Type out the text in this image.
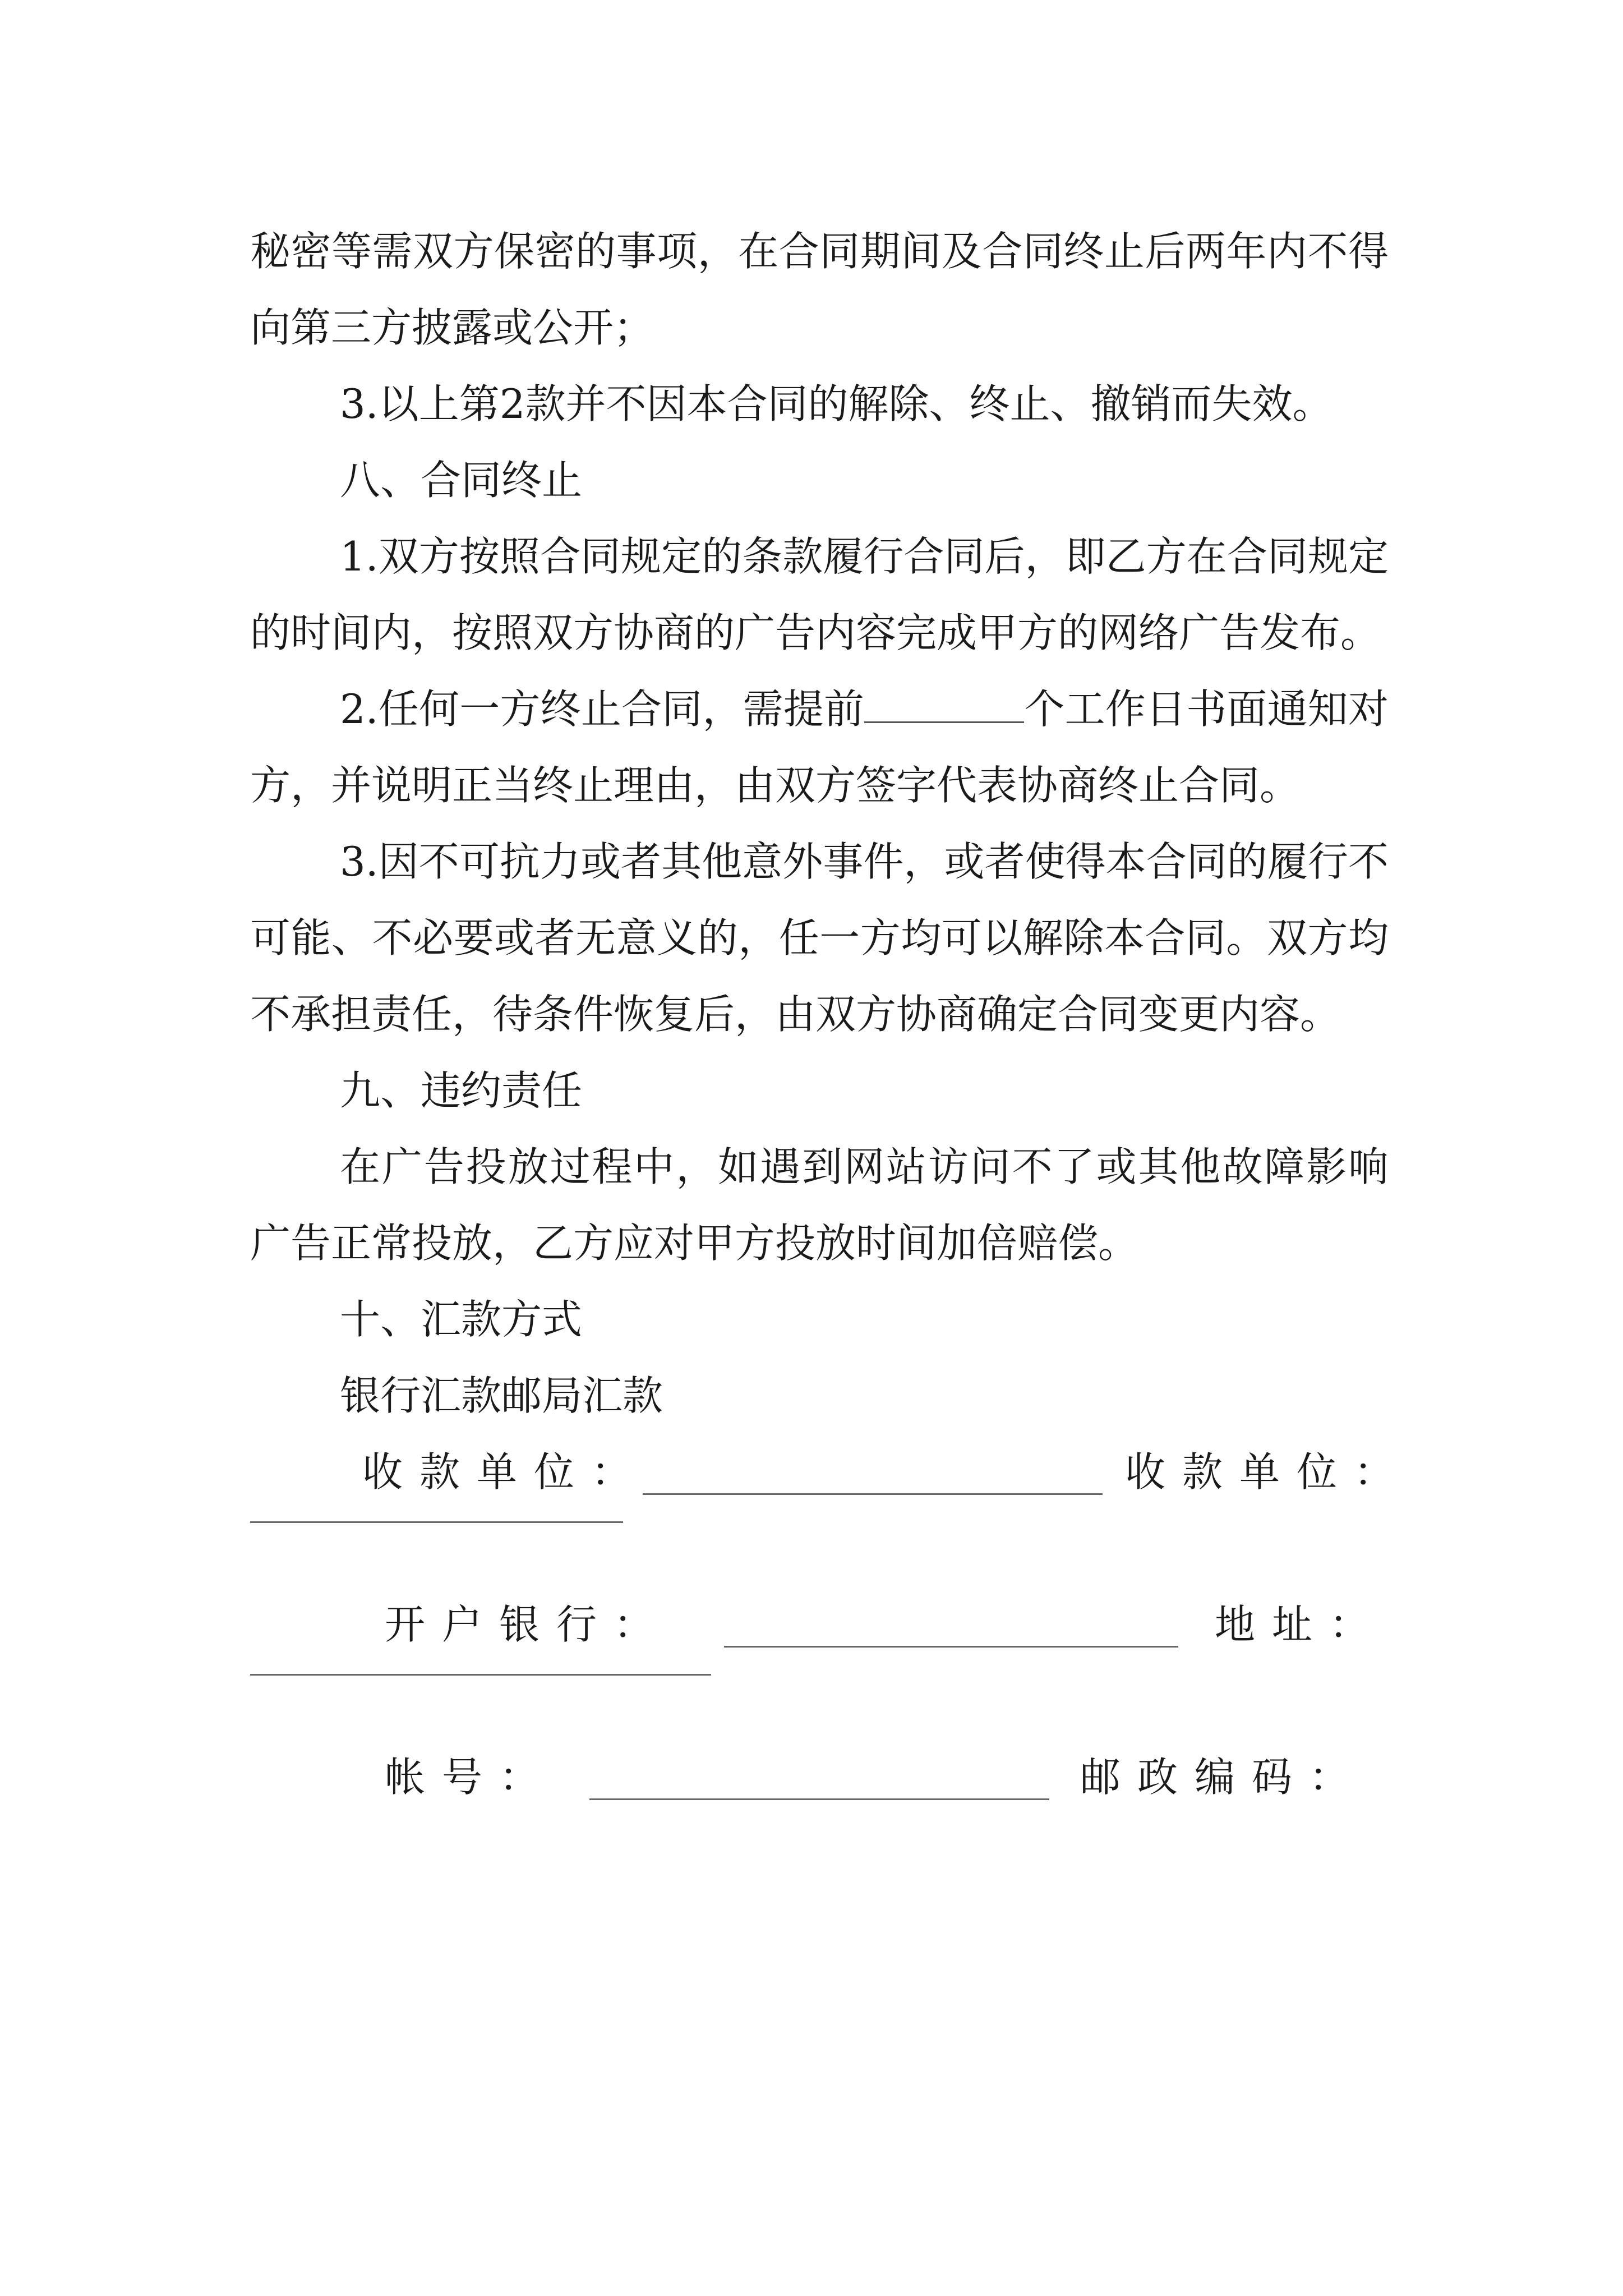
秘密等需双方保密的事项，在合同期间及合同终止后两年内不得向第三方披露或公开；

3.以上第2款并不因本合同的解除、终止、撤销而失效。

八、合同终止

1.双方按照合同规定的条款履行合同后，即乙方在合同规定的时间内，按照双方协商的广告内容完成甲方的网络广告发布。

2.任何一方终止合同，需提前	个工作日书面通知对方，并说明正当终止理由，由双方签字代表协商终止合同。

3.因不可抗力或者其他意外事件，或者使得本合同的履行不可能、不必要或者无意义的，任一方均可以解除本合同。双方均不承担责任，待条件恢复后，由双方协商确定合同变更内容。

九、违约责任

在广告投放过程中，如遇到网站访问不了或其他故障影响广告正常投放，乙方应对甲方投放时间加倍赔偿。

十、汇款方式

银行汇款邮局汇款

收款单位：	收款单位：
开户银行：	地址：
帐号：	邮政编码：
